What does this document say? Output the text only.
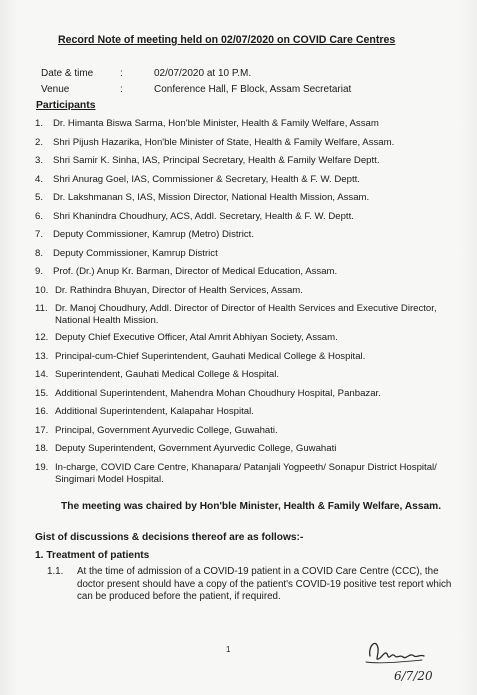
Record Note of meeting held on 02/07/2020 on COVID Care Centres
Date & time	:	02/07/2020 at 10 P.M.
Venue	:	Conference Hall, F Block, Assam Secretariat
Participants
1.	Dr. Himanta Biswa Sarma, Hon'ble Minister, Health & Family Welfare, Assam
2.	Shri Pijush Hazarika, Hon'ble Minister of State, Health & Family Welfare, Assam.
3.	Shri Samir K. Sinha, IAS, Principal Secretary, Health & Family Welfare Deptt.
4.	Shri Anurag Goel, IAS, Commissioner & Secretary, Health & F. W. Deptt.
5.	Dr. Lakshmanan S, IAS, Mission Director, National Health Mission, Assam.
6.	Shri Khanindra Choudhury, ACS, Addl. Secretary, Health & F. W. Deptt.
7.	Deputy Commissioner, Kamrup (Metro) District.
8.	Deputy Commissioner, Kamrup District
9.	Prof. (Dr.) Anup Kr. Barman, Director of Medical Education, Assam.
10. Dr. Rathindra Bhuyan, Director of Health Services, Assam.
11. Dr. Manoj Choudhury, Addl. Director of Director of Health Services and Executive Director, National Health Mission.
12. Deputy Chief Executive Officer, Atal Amrit Abhiyan Society, Assam.
13. Principal-cum-Chief Superintendent, Gauhati Medical College & Hospital.
14. Superintendent, Gauhati Medical College & Hospital.
15. Additional Superintendent, Mahendra Mohan Choudhury Hospital, Panbazar.
16. Additional Superintendent, Kalapahar Hospital.
17. Principal, Government Ayurvedic College, Guwahati.
18. Deputy Superintendent, Government Ayurvedic College, Guwahati
19. In-charge, COVID Care Centre, Khanapara/ Patanjali Yogpeeth/ Sonapur District Hospital/ Singimari Model Hospital.
The meeting was chaired by Hon'ble Minister, Health & Family Welfare, Assam.
Gist of discussions & decisions thereof are as follows:-
1. Treatment of patients
1.1.	At the time of admission of a COVID-19 patient in a COVID Care Centre (CCC), the doctor present should have a copy of the patient's COVID-19 positive test report which can be produced before the patient, if required.
1
6/7/20
